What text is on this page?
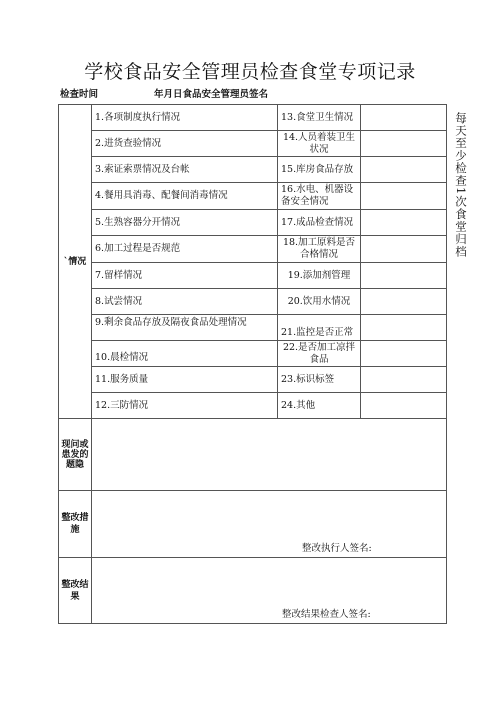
学校食品安全管理员检查食堂专项记录
检查时间	年月日食品安全管理员签名
每天至少检查1次食堂归档
`情况	1.各项制度执行情况	13.食堂卫生情况	
	2.进货查验情况	14.人员着装卫生状况	
	3.索证索票情况及台帐	15.库房食品存放	
	4.餐用具消毒、配餐间消毒情况	16.水电、机器设备安全情况	
	5.生熟容器分开情况	17.成品检查情况	
	6.加工过程是否规范	18.加工原料是否合格情况	
	7.留样情况	19.添加剂管理	
	8.试尝情况	20.饮用水情况	
	9.剩余食品存放及隔夜食品处理情况	21.监控是否正常	
	10.晨检情况	22.是否加工凉拌食品	
	11.服务质量	23.标识标签	
	12.三防情况	24.其他	
现问或患发的题隐			
整改措施	整改执行人签名:		

整改结果	整改结果检查人签名:		
